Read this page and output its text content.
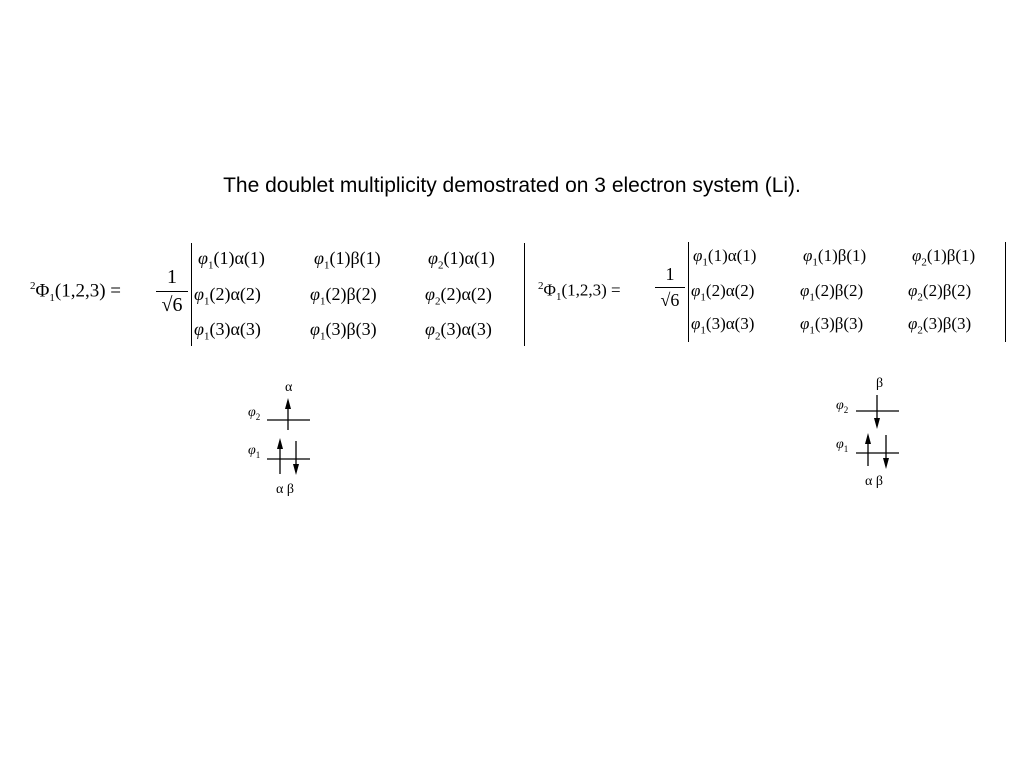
The doublet multiplicity demostrated on 3 electron system (Li).
$^2\Phi_1(1,2,3)$ =
1
√6
$\varphi_1(1)\alpha(1)$	$\varphi_1(1)\beta(1)$	$\varphi_2(1)\alpha(1)$
$\varphi_1(2)\alpha(2)$	$\varphi_1(2)\beta(2)$	$\varphi_2(2)\alpha(2)$
$\varphi_1(3)\alpha(3)$	$\varphi_1(3)\beta(3)$	$\varphi_2(3)\alpha(3)$
$^2\Phi_1(1,2,3)$ =
1
√6
$\varphi_1(1)\alpha(1)$	$\varphi_1(1)\beta(1)$	$\varphi_2(1)\beta(1)$
$\varphi_1(2)\alpha(2)$	$\varphi_1(2)\beta(2)$	$\varphi_2(2)\beta(2)$
$\varphi_1(3)\alpha(3)$	$\varphi_1(3)\beta(3)$	$\varphi_2(3)\beta(3)$
α
$\varphi_2$
$\varphi_1$
α β
β
$\varphi_2$
$\varphi_1$
α β
